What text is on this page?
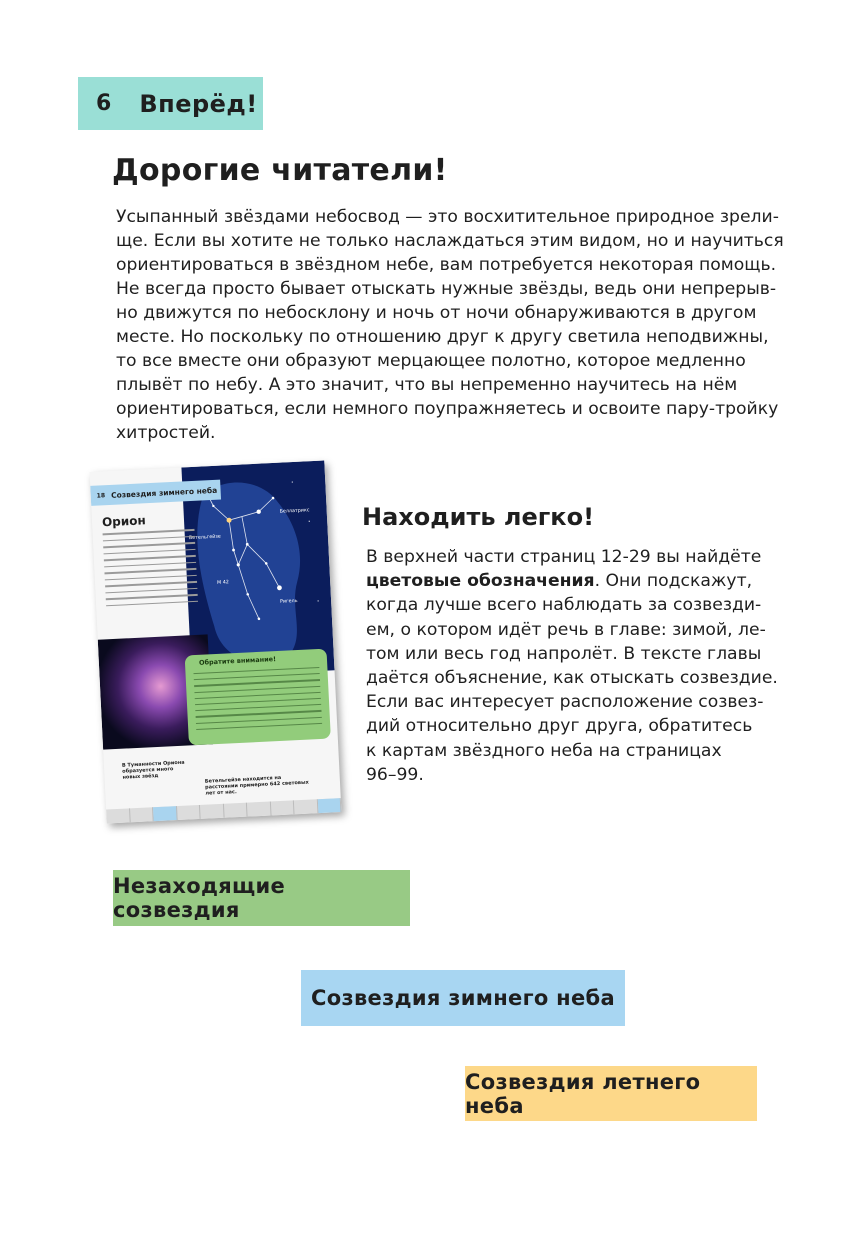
6 Вперёд!
Дорогие читатели!

Усыпанный звёздами небосвод — это восхитительное природное зрели-
ще. Если вы хотите не только наслаждаться этим видом, но и научиться
ориентироваться в звёздном небе, вам потребуется некоторая помощь.
Не всегда просто бывает отыскать нужные звёзды, ведь они непрерыв-
но движутся по небосклону и ночь от ночи обнаруживаются в другом
месте. Но поскольку по отношению друг к другу светила неподвижны,
то все вместе они образуют мерцающее полотно, которое медленно
плывёт по небу. А это значит, что вы непременно научитесь на нём
ориентироваться, если немного поупражняетесь и освоите пару-тройку
хитростей.

Беллатрикс
Бетельгейзе
М 42
Ригель
18 Созвездия зимнего неба
Орион
Обратите внимание!
В Туманности Ориона образуется много новых звёзд	Бетельгейзе находится на расстоянии примерно 642 световых лет от нас.
Находить легко!

В верхней части страниц 12-29 вы найдёте
цветовые обозначения. Они подскажут,
когда лучше всего наблюдать за созвезди-
ем, о котором идёт речь в главе: зимой, ле-
том или весь год напролёт. В тексте главы
даётся объяснение, как отыскать созвездие.
Если вас интересует расположение созвез-
дий относительно друг друга, обратитесь
к картам звёздного неба на страницах
96–99.

Незаходящие созвездия
Созвездия зимнего неба
Созвездия летнего неба
